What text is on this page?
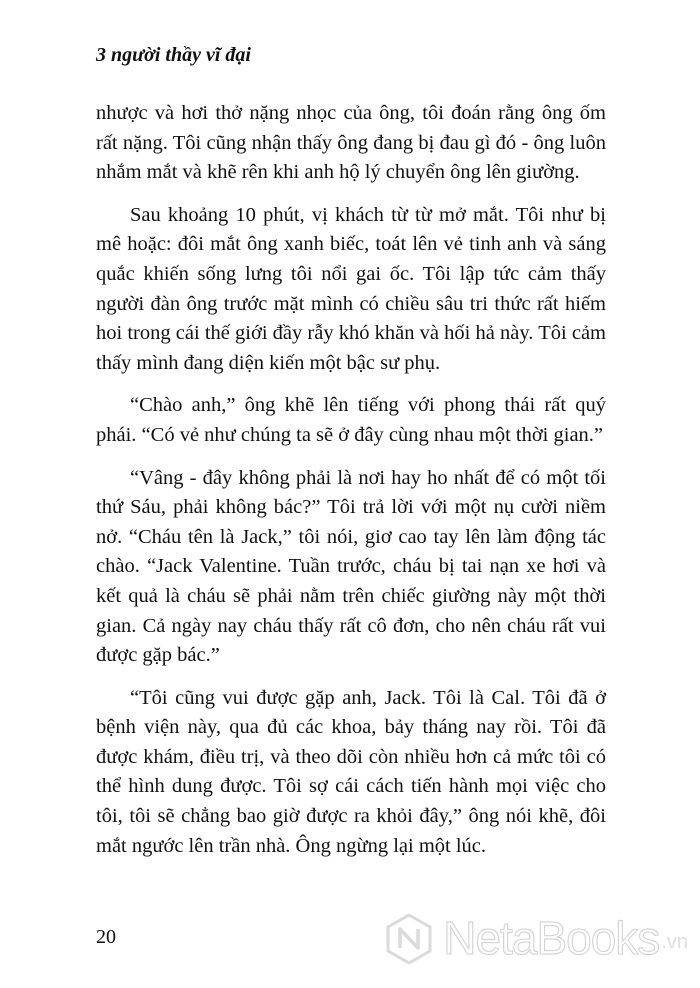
3 người thầy vĩ đại

nhược và hơi thở nặng nhọc của ông, tôi đoán rằng ông ốm rất nặng. Tôi cũng nhận thấy ông đang bị đau gì đó - ông luôn nhắm mắt và khẽ rên khi anh hộ lý chuyển ông lên giường.

Sau khoảng 10 phút, vị khách từ từ mở mắt. Tôi như bị mê hoặc: đôi mắt ông xanh biếc, toát lên vẻ tinh anh và sáng quắc khiến sống lưng tôi nổi gai ốc. Tôi lập tức cảm thấy người đàn ông trước mặt mình có chiều sâu tri thức rất hiếm hoi trong cái thế giới đầy rẫy khó khăn và hối hả này. Tôi cảm thấy mình đang diện kiến một bậc sư phụ.

“Chào anh,” ông khẽ lên tiếng với phong thái rất quý phái. “Có vẻ như chúng ta sẽ ở đây cùng nhau một thời gian.”

“Vâng - đây không phải là nơi hay ho nhất để có một tối thứ Sáu, phải không bác?” Tôi trả lời với một nụ cười niềm nở. “Cháu tên là Jack,” tôi nói, giơ cao tay lên làm động tác chào. “Jack Valentine. Tuần trước, cháu bị tai nạn xe hơi và kết quả là cháu sẽ phải nằm trên chiếc giường này một thời gian. Cả ngày nay cháu thấy rất cô đơn, cho nên cháu rất vui được gặp bác.”

“Tôi cũng vui được gặp anh, Jack. Tôi là Cal. Tôi đã ở bệnh viện này, qua đủ các khoa, bảy tháng nay rồi. Tôi đã được khám, điều trị, và theo dõi còn nhiều hơn cả mức tôi có thể hình dung được. Tôi sợ cái cách tiến hành mọi việc cho tôi, tôi sẽ chẳng bao giờ được ra khỏi đây,” ông nói khẽ, đôi mắt ngước lên trần nhà. Ông ngừng lại một lúc.

20	NetaBooks .vn
